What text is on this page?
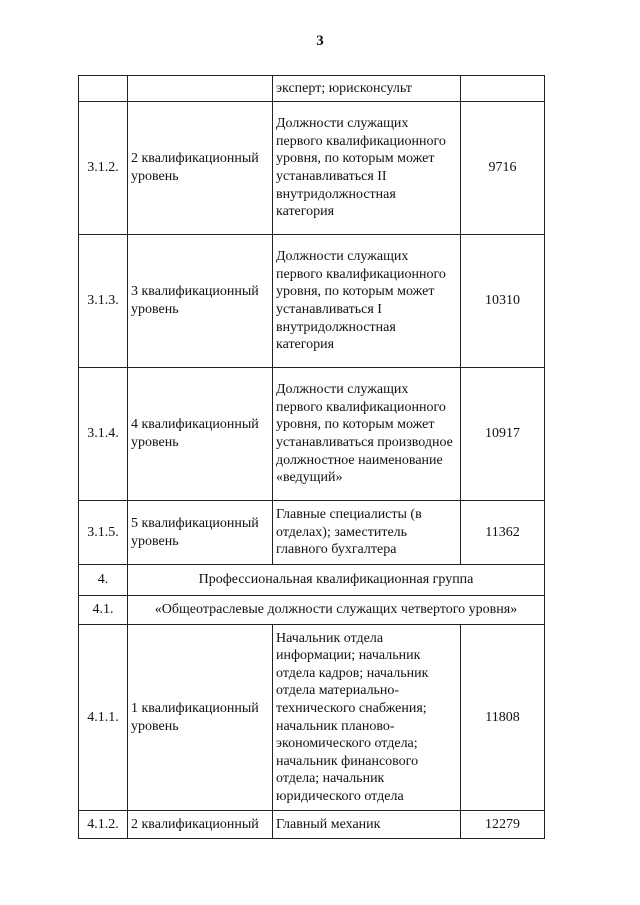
· · · · · · · ·
3
		эксперт; юрисконсульт	
3.1.2.	2 квалификационный уровень	Должности служащих первого квалификационного уровня, по которым может устанавливаться II внутридолжностная категория	9716
3.1.3.	3 квалификационный уровень	Должности служащих первого квалификационного уровня, по которым может устанавливаться I внутридолжностная категория	10310
3.1.4.	4 квалификационный уровень	Должности служащих первого квалификационного уровня, по которым может устанавливаться производное должностное наименование «ведущий»	10917
3.1.5.	5 квалификационный уровень	Главные специалисты (в отделах); заместитель главного бухгалтера	11362
4.	Профессиональная квалификационная группа		
4.1.	«Общеотраслевые должности служащих четвертого уровня»		
4.1.1.	1 квалификационный уровень	Начальник отдела информации; начальник отдела кадров; начальник отдела материально-технического снабжения; начальник планово-экономического отдела; начальник финансового отдела; начальник юридического отдела	11808
4.1.2.	2 квалификационный	Главный механик	12279
